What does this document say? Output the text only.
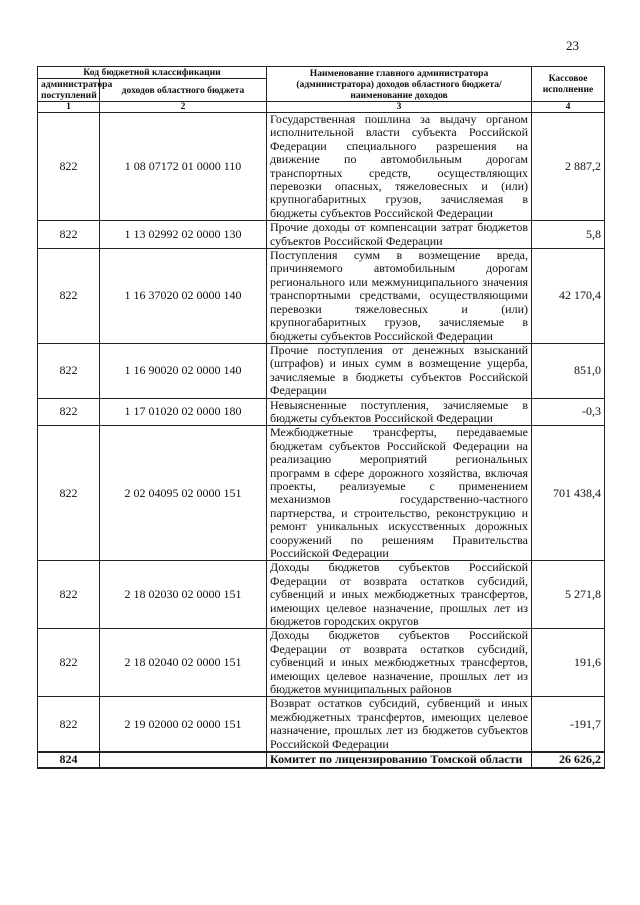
23
Код бюджетной классификации		Наименование главного администратора (администратора) доходов областного бюджета/ наименование доходов	Кассовое исполнение
администратора поступлений	доходов областного бюджета		
1	2	3	4
822	1 08 07172 01 0000 110	Государственная пошлина за выдачу органом исполнительной власти субъекта Российской Федерации специального разрешения на движение по автомобильным дорогам транспортных средств, осуществляющих перевозки опасных, тяжеловесных и (или) крупногабаритных грузов, зачисляемая в бюджеты субъектов Российской Федерации	2 887,2
822	1 13 02992 02 0000 130	Прочие доходы от компенсации затрат бюджетов субъектов Российской Федерации	5,8
822	1 16 37020 02 0000 140	Поступления сумм в возмещение вреда, причиняемого автомобильным дорогам регионального или межмуниципального значения транспортными средствами, осуществляющими перевозки тяжеловесных и (или) крупногабаритных грузов, зачисляемые в бюджеты субъектов Российской Федерации	42 170,4
822	1 16 90020 02 0000 140	Прочие поступления от денежных взысканий (штрафов) и иных сумм в возмещение ущерба, зачисляемые в бюджеты субъектов Российской Федерации	851,0
822	1 17 01020 02 0000 180	Невыясненные поступления, зачисляемые в бюджеты субъектов Российской Федерации	-0,3
822	2 02 04095 02 0000 151	Межбюджетные трансферты, передаваемые бюджетам субъектов Российской Федерации на реализацию мероприятий региональных программ в сфере дорожного хозяйства, включая проекты, реализуемые с применением механизмов государственно-частного партнерства, и строительство, реконструкцию и ремонт уникальных искусственных дорожных сооружений по решениям Правительства Российской Федерации	701 438,4
822	2 18 02030 02 0000 151	Доходы бюджетов субъектов Российской Федерации от возврата остатков субсидий, субвенций и иных межбюджетных трансфертов, имеющих целевое назначение, прошлых лет из бюджетов городских округов	5 271,8
822	2 18 02040 02 0000 151	Доходы бюджетов субъектов Российской Федерации от возврата остатков субсидий, субвенций и иных межбюджетных трансфертов, имеющих целевое назначение, прошлых лет из бюджетов муниципальных районов	191,6
822	2 19 02000 02 0000 151	Возврат остатков субсидий, субвенций и иных межбюджетных трансфертов, имеющих целевое назначение, прошлых лет из бюджетов субъектов Российской Федерации	-191,7
824		Комитет по лицензированию Томской области	26 626,2
